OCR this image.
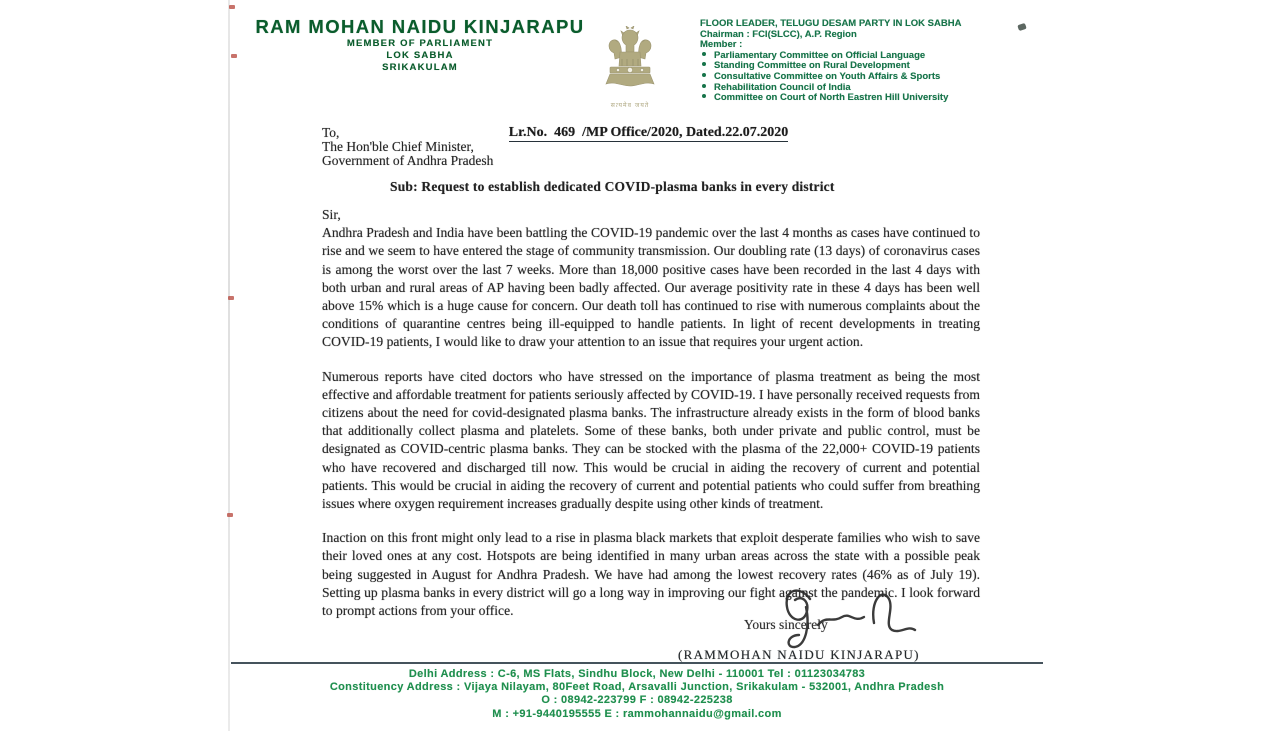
RAM MOHAN NAIDU KINJARAPU
MEMBER OF PARLIAMENT
LOK SABHA
SRIKAKULAM
सत्यमेव जयते
FLOOR LEADER, TELUGU DESAM PARTY IN LOK SABHA
Chairman
: FCI(SLCC), A.P. Region
Member :
Parliamentary Committee on Official Language
Standing Committee on Rural Development
Consultative Committee on Youth Affairs & Sports
Rehabilitation Council of India
Committee on Court of North Eastren Hill University

Lr.No.  469  /MP Office/2020, Dated.22.07.2020

To,
The Hon'ble Chief Minister,
Government of Andhra Pradesh
Sub: Request to establish dedicated COVID-plasma banks in every district
Sir,

Andhra Pradesh and India have been battling the COVID-19 pandemic over the last 4 months as cases have continued to rise and we seem to have entered the stage of community transmission. Our doubling rate (13 days) of coronavirus cases is among the worst over the last 7 weeks. More than 18,000 positive cases have been recorded in the last 4 days with both urban and rural areas of AP having been badly affected. Our average positivity rate in these 4 days has been well above 15% which is a huge cause for concern. Our death toll has continued to rise with numerous complaints about the conditions of quarantine centres being ill-equipped to handle patients. In light of recent developments in treating COVID-19 patients, I would like to draw your attention to an issue that requires your urgent action.

Numerous reports have cited doctors who have stressed on the importance of plasma treatment as being the most effective and affordable treatment for patients seriously affected by COVID-19. I have personally received requests from citizens about the need for covid-designated plasma banks. The infrastructure already exists in the form of blood banks that additionally collect plasma and platelets. Some of these banks, both under private and public control, must be designated as COVID-centric plasma banks. They can be stocked with the plasma of the 22,000+ COVID-19 patients who have recovered and discharged till now. This would be crucial in aiding the recovery of current and potential patients. This would be crucial in aiding the recovery of current and potential patients who could suffer from breathing issues where oxygen requirement increases gradually despite using other kinds of treatment.

Inaction on this front might only lead to a rise in plasma black markets that exploit desperate families who wish to save their loved ones at any cost. Hotspots are being identified in many urban areas across the state with a possible peak being suggested in August for Andhra Pradesh. We have had among the lowest recovery rates (46% as of July 19). Setting up plasma banks in every district will go a long way in improving our fight against the pandemic. I look forward to prompt actions from your office.

Yours sincerely
(RAMMOHAN NAIDU KINJARAPU)
Delhi Address : C-6, MS Flats, Sindhu Block, New Delhi - 110001 Tel : 01123034783
Constituency Address : Vijaya Nilayam, 80Feet Road, Arsavalli Junction, Srikakulam - 532001, Andhra Pradesh
O : 08942-223799 F : 08942-225238
M : +91-9440195555 E : rammohannaidu@gmail.com
